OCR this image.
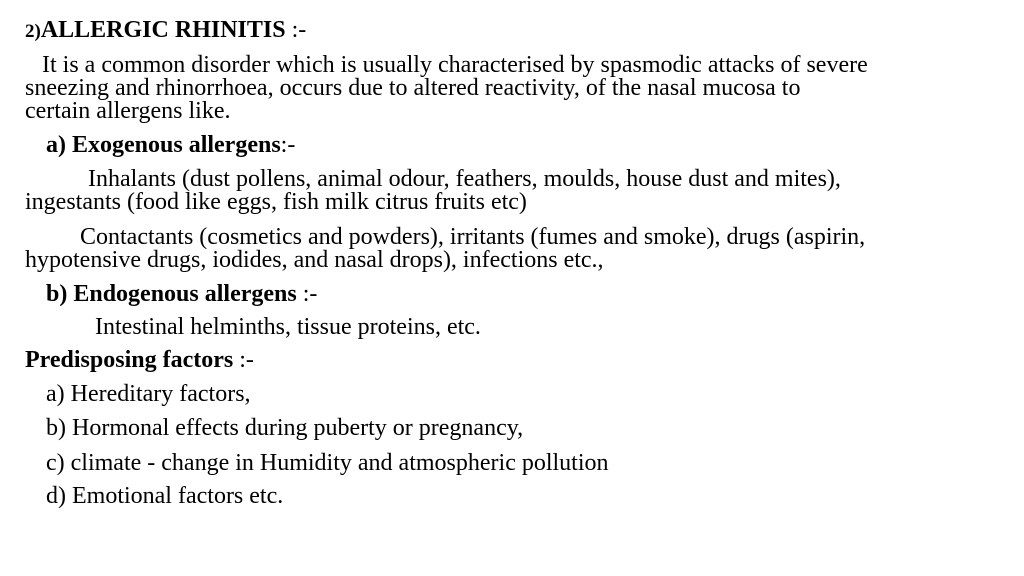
2)ALLERGIC RHINITIS :-
It is a common disorder which is usually characterised by spasmodic attacks of severe
sneezing and rhinorrhoea, occurs due to altered reactivity, of the nasal mucosa to
certain allergens like.
a) Exogenous allergens:-
Inhalants (dust pollens, animal odour, feathers, moulds, house dust and mites),
ingestants (food like eggs, fish milk citrus fruits etc)
Contactants (cosmetics and powders), irritants (fumes and smoke), drugs (aspirin,
hypotensive drugs, iodides, and nasal drops), infections etc.,
b) Endogenous allergens :-
Intestinal helminths, tissue proteins, etc.
Predisposing factors :-
a) Hereditary factors,
b) Hormonal effects during puberty or pregnancy,
c) climate - change in Humidity and atmospheric pollution
d) Emotional factors etc.
